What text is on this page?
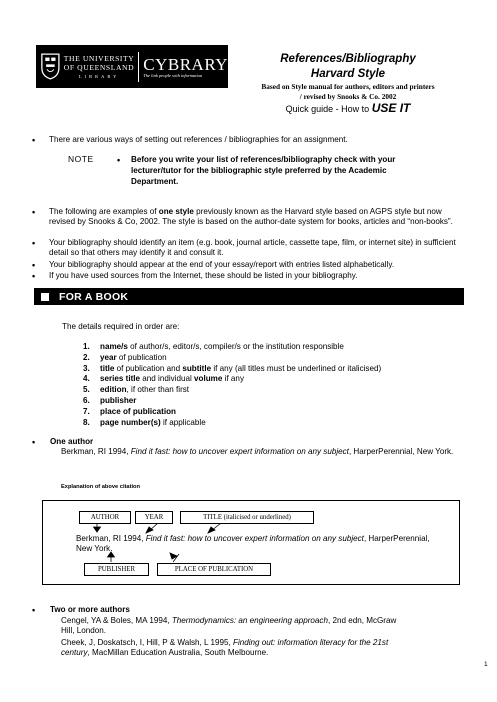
THE UNIVERSITY
OF QUEENSLAND
LIBRARY
CYBRARY
The link people with information
References/Bibliography
Harvard Style
Based on Style manual for authors, editors and printers
/ revised by Snooks & Co. 2002
Quick guide - How to USE IT
• There are various ways of setting out references / bibliographies for an assignment.
NOTE	• Before you write your list of references/bibliography check with your lecturer/tutor for the bibliographic style preferred by the Academic Department.
• The following are examples of one style previously known as the Harvard style based on AGPS style but now revised by Snooks & Co, 2002. The style is based on the author-date system for books, articles and “non-books”.
• Your bibliography should identify an item (e.g. book, journal article, cassette tape, film, or internet site) in sufficient detail so that others may identify it and consult it.
• Your bibliography should appear at the end of your essay/report with entries listed alphabetically.
• If you have used sources from the Internet, these should be listed in your bibliography.
FOR A BOOK
The details required in order are:
1. name/s of author/s, editor/s, compiler/s or the institution responsible
2. year of publication
3. title of publication and subtitle if any (all titles must be underlined or italicised)
4. series title and individual volume if any
5. edition, if other than first
6. publisher
7. place of publication
8. page number(s) if applicable
• One author
Berkman, RI 1994, Find it fast: how to uncover expert information on any subject, HarperPerennial, New York.
Explanation of above citation
AUTHOR	YEAR	TITLE (italicised or underlined)
Berkman, RI 1994, Find it fast: how to uncover expert information on any subject, HarperPerennial, New York.
PUBLISHER	PLACE OF PUBLICATION
• Two or more authors
Cengel, YA & Boles, MA 1994, Thermodynamics: an engineering approach, 2nd edn, McGraw Hill, London.
Cheek, J, Doskatsch, I, Hill, P & Walsh, L 1995, Finding out: information literacy for the 21st century, MacMillan Education Australia, South Melbourne.
1
